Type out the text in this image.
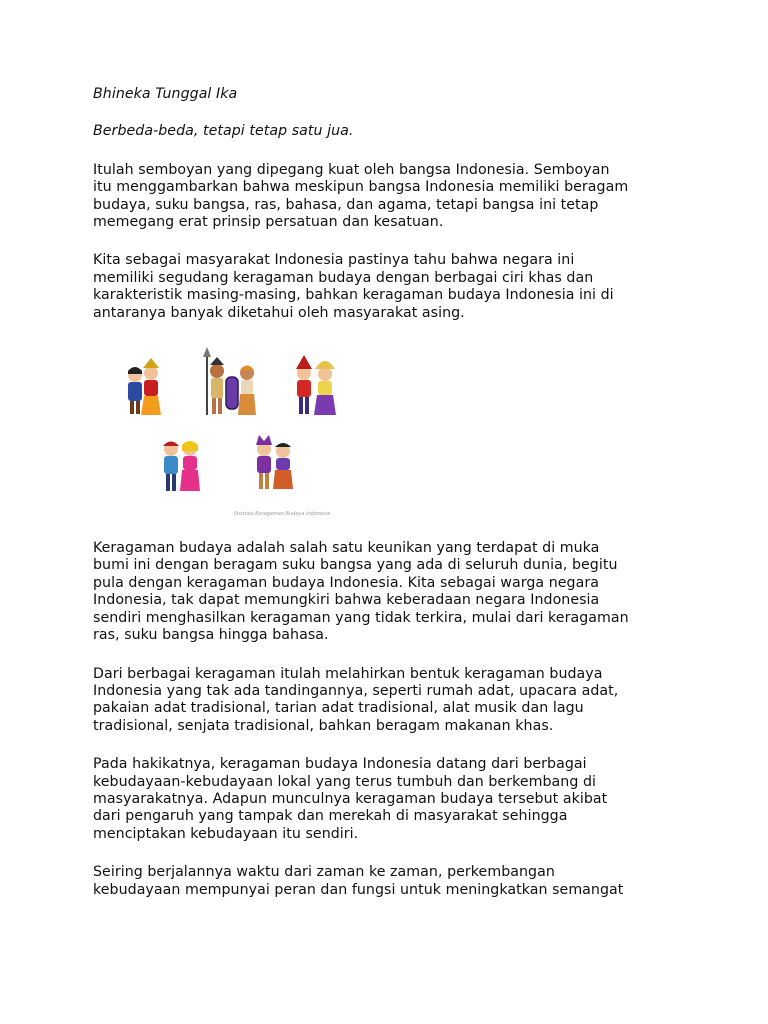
Bhineka Tunggal Ika

Berbeda-beda, tetapi tetap satu jua.

Itulah semboyan yang dipegang kuat oleh bangsa Indonesia. Semboyan
itu menggambarkan bahwa meskipun bangsa Indonesia memiliki beragam
budaya, suku bangsa, ras, bahasa, dan agama, tetapi bangsa ini tetap
memegang erat prinsip persatuan dan kesatuan.
Kita sebagai masyarakat Indonesia pastinya tahu bahwa negara ini
memiliki segudang keragaman budaya dengan berbagai ciri khas dan
karakteristik masing-masing, bahkan keragaman budaya Indonesia ini di
antaranya banyak diketahui oleh masyarakat asing.
Ilustrasi Keragaman Budaya Indonesia
Keragaman budaya adalah salah satu keunikan yang terdapat di muka
bumi ini dengan beragam suku bangsa yang ada di seluruh dunia, begitu
pula dengan keragaman budaya Indonesia. Kita sebagai warga negara
Indonesia, tak dapat memungkiri bahwa keberadaan negara Indonesia
sendiri menghasilkan keragaman yang tidak terkira, mulai dari keragaman
ras, suku bangsa hingga bahasa.
Dari berbagai keragaman itulah melahirkan bentuk keragaman budaya
Indonesia yang tak ada tandingannya, seperti rumah adat, upacara adat,
pakaian adat tradisional, tarian adat tradisional, alat musik dan lagu
tradisional, senjata tradisional, bahkan beragam makanan khas.
Pada hakikatnya, keragaman budaya Indonesia datang dari berbagai
kebudayaan-kebudayaan lokal yang terus tumbuh dan berkembang di
masyarakatnya. Adapun munculnya keragaman budaya tersebut akibat
dari pengaruh yang tampak dan merekah di masyarakat sehingga
menciptakan kebudayaan itu sendiri.
Seiring berjalannya waktu dari zaman ke zaman, perkembangan
kebudayaan mempunyai peran dan fungsi untuk meningkatkan semangat
